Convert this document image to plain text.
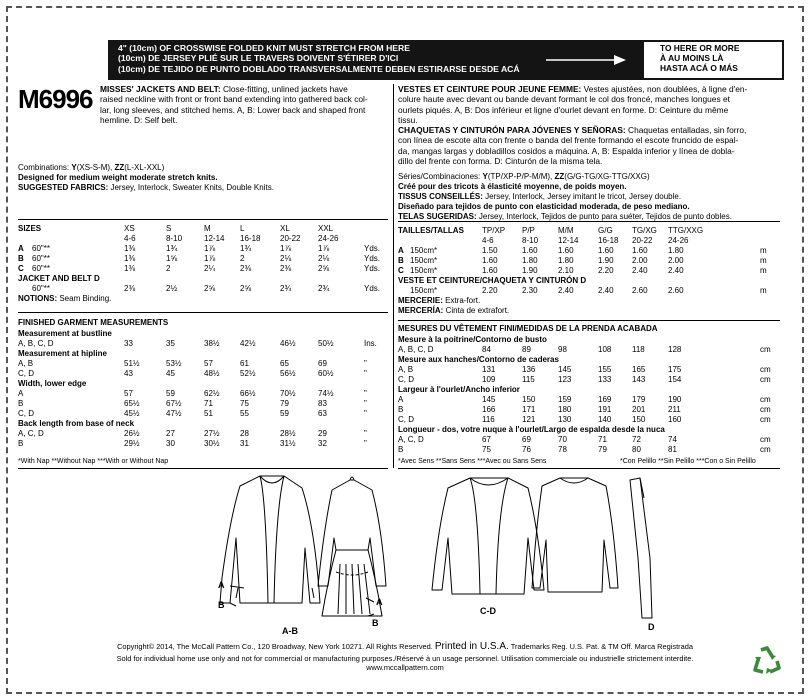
4" (10cm) OF CROSSWISE FOLDED KNIT MUST STRETCH FROM HERE
(10cm) DE JERSEY PLIÉ SUR LE TRAVERS DOIVENT S'ÉTIRER D'ICI
(10cm) DE TEJIDO DE PUNTO DOBLADO TRANSVERSALMENTE DEBEN ESTIRARSE DESDE ACÁ
TO HERE OR MORE
À AU MOINS LÀ
HASTA ACÁ O MÁS
M6996 MISSES' JACKETS AND BELT: Close-fitting, unlined jackets have
raised neckline with front or front band extending into gathered back col-
lar, long sleeves, and stitched hems. A, B: Lower back and shaped front
hemline. D: Self belt.
Combinations: Y(XS-S-M), ZZ(L-XL-XXL)
Designed for medium weight moderate stretch knits.
SUGGESTED FABRICS: Jersey, Interlock, Sweater Knits, Double Knits.
SIZES	XS	S	M	L	XL	XXL
4-6	8-10	12-14 16-18 20-22 24-26
A 60"**	1⅜	1¾	1⅞	1¾	1⅞	1⅞	Yds.
B 60"**	1⅜	1⅝	1⅞	2	2⅛	2⅛	Yds.
C 60"**	1⅜	2	2¼	2⅜	2⅜	2⅝	Yds.
JACKET AND BELT D
60"**	2⅜	2½	2⅝	2⅝	2¾	2¾	Yds.
NOTIONS: Seam Binding.
FINISHED GARMENT MEASUREMENTS
Measurement at bustline
A, B, C, D	33	35	38½	42½	46½	50½	Ins.
Measurement at hipline
A, B	51½	53½	57	61	65	69	"
C, D	43	45	48½	52½	56½	60½	"
Width, lower edge
A	57	59	62½	66½	70½	74½	"
B	65½	67½	71	75	79	83	"
C, D	45½	47½	51	55	59	63	"
Back length from base of neck
A, C, D	26½	27	27½	28	28½	29	"
B	29½	30	30½	31	31½	32	"
*With Nap **Without Nap ***With or Without Nap
VESTES ET CEINTURE POUR JEUNE FEMME: Vestes ajustées, non doublées, à ligne d'en-
colure haute avec devant ou bande devant formant le col dos froncé, manches longues et
ourlets piqués. A, B: Dos inférieur et ligne d'ourlet devant en forme. D: Ceinture du même
tissu.
CHAQUETAS Y CINTURÓN PARA JÓVENES Y SEÑORAS: Chaquetas entalladas, sin forro,
con línea de escote alta con frente o banda del frente formando el escote fruncido de espal-
da, mangas largas y dobladillos cosidos a máquina. A, B: Espalda inferior y línea de dobla-
dillo del frente con forma. D: Cinturón de la misma tela.
Séries/Combinaciones: Y(TP/XP-P/P-M/M), ZZ(G/G-TG/XG-TTG/XXG)
Créé pour des tricots à élasticité moyenne, de poids moyen.
TISSUS CONSEILLÉS: Jersey, Interlock, Jersey imitant le tricot, Jersey double.
Diseñado para tejidos de punto con elasticidad moderada, de peso mediano.
TELAS SUGERIDAS: Jersey, Interlock, Tejidos de punto para suéter, Tejidos de punto dobles.
TAILLES/TALLAS TP/XP P/P	M/M	G/G TG/XG TTG/XXG
4-6	8-10 12-14 16-18 20-22 24-26
A 150cm*	1.50	1.60	1.60	1.60 1.60	1.80	m
B 150cm*	1.60	1.80	1.80	1.90 2.00	2.00	m
C 150cm*	1.60	1.90	2.10	2.20 2.40	2.40	m
VESTE ET CEINTURE/CHAQUETA Y CINTURÓN D
150cm*	2.20	2.30	2.40	2.40 2.60	2.60	m
MERCERIE: Extra-fort.
MERCERÍA: Cinta de extrafort.
MESURES DU VÊTEMENT FINI/MEDIDAS DE LA PRENDA ACABADA
Mesure à la poitrine/Contorno de busto
A, B, C, D	84	89	98	108	118	128	cm
Mesure aux hanches/Contorno de caderas
A, B	131	136	145	155	165	175	cm
C, D	109	115	123	133	143	154	cm
Largeur à l'ourlet/Ancho inferior
A	145	150	159	169	179	190	cm
B	166	171	180	191	201	211	cm
C, D	116	121	130	140	150	160	cm
Longueur - dos, votre nuque à l'ourlet/Largo de espalda desde la nuca
A, C, D	67	69	70	71	72	74	cm
B	75	76	78	79	80	81	cm
*Avec Sens **Sans Sens ***Avec ou Sans Sens	*Con Pelillo **Sin Pelillo ***Con o Sin Pelillo
A
B	A
B
A-B
C-D
D
Copyright© 2014, The McCall Pattern Co., 120 Broadway, New York 10271. All Rights Reserved. Printed in U.S.A. Trademarks Reg. U.S. Pat. & TM Off. Marca Registrada
Sold for individual home use only and not for commercial or manufacturing purposes./Réservé à un usage personnel. Utilisation commerciale ou industrielle strictement interdite.
www.mccallpattern.com
